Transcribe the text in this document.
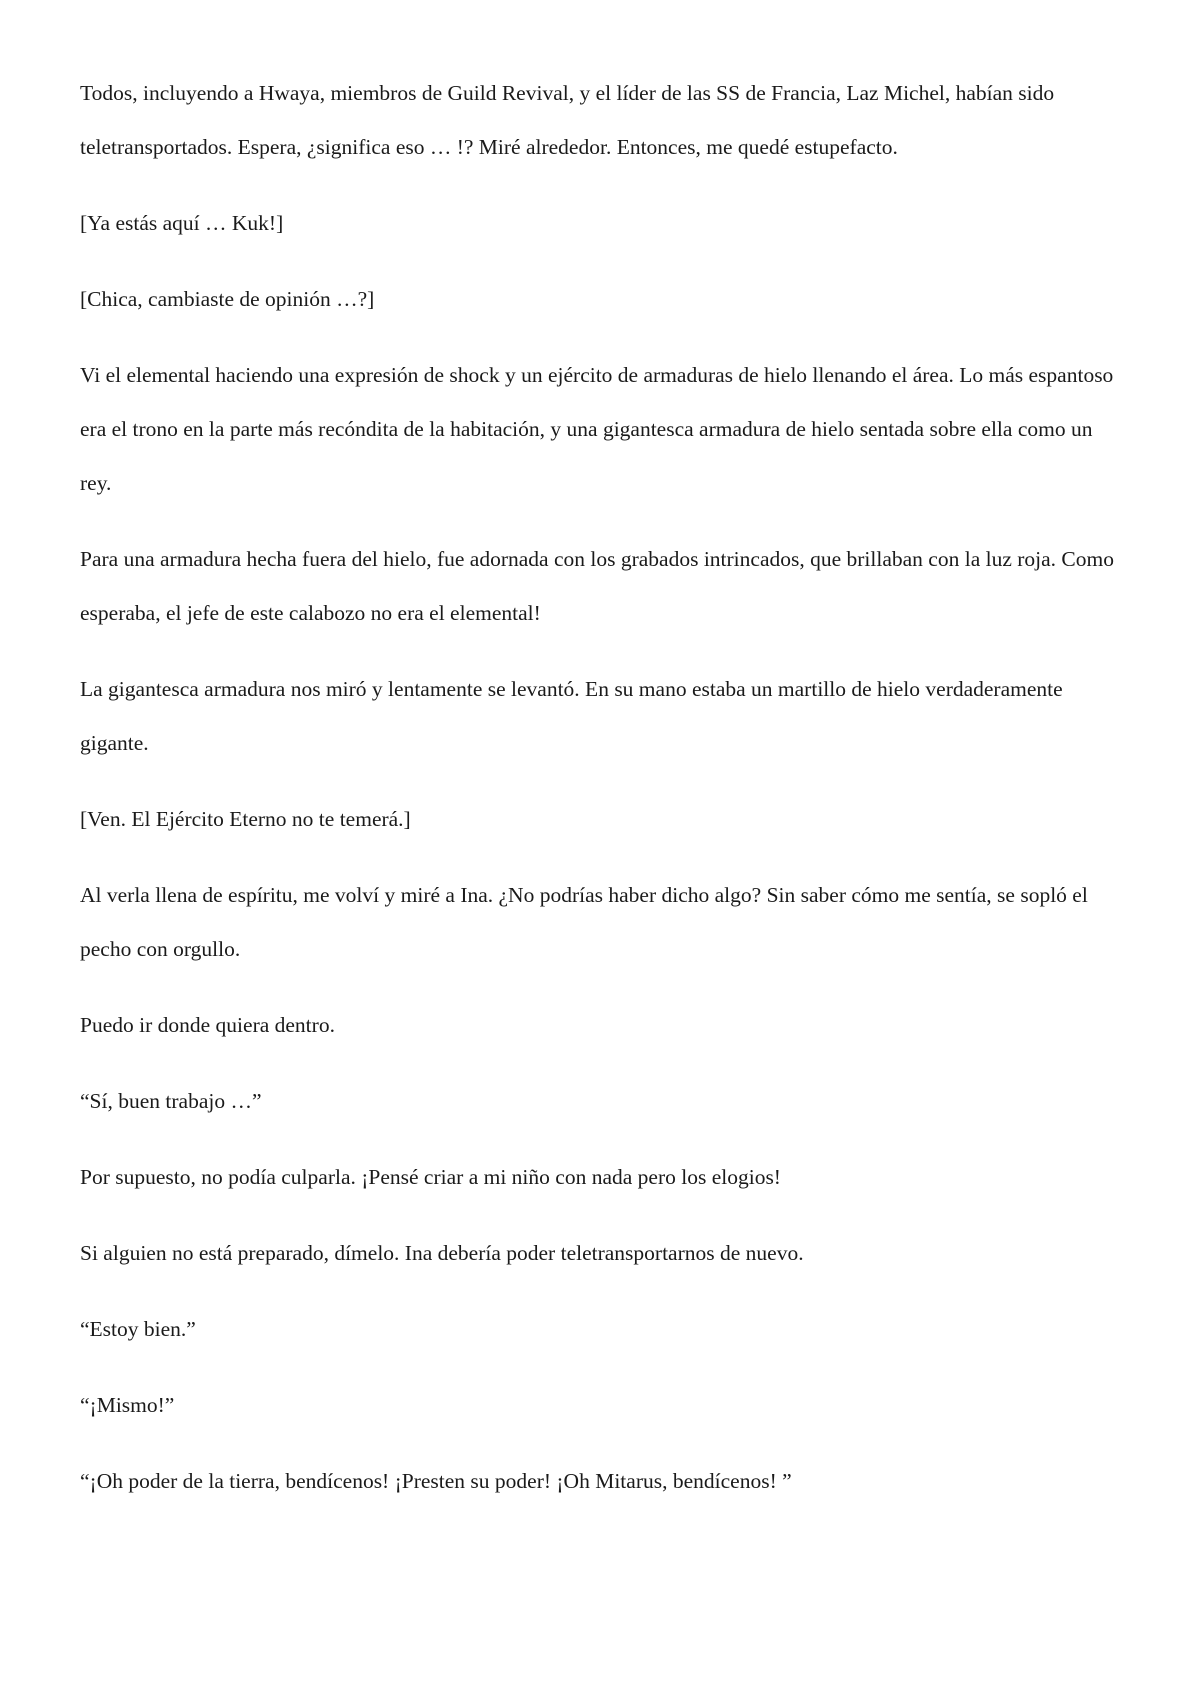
Todos, incluyendo a Hwaya, miembros de Guild Revival, y el líder de las SS de Francia, Laz Michel, habían sido teletransportados. Espera, ¿significa eso … !? Miré alrededor. Entonces, me quedé estupefacto.

[Ya estás aquí … Kuk!]

[Chica, cambiaste de opinión …?]

Vi el elemental haciendo una expresión de shock y un ejército de armaduras de hielo llenando el área. Lo más espantoso era el trono en la parte más recóndita de la habitación, y una gigantesca armadura de hielo sentada sobre ella como un rey.

Para una armadura hecha fuera del hielo, fue adornada con los grabados intrincados, que brillaban con la luz roja. Como esperaba, el jefe de este calabozo no era el elemental!

La gigantesca armadura nos miró y lentamente se levantó. En su mano estaba un martillo de hielo verdaderamente gigante.

[Ven. El Ejército Eterno no te temerá.]

Al verla llena de espíritu, me volví y miré a Ina. ¿No podrías haber dicho algo? Sin saber cómo me sentía, se sopló el pecho con orgullo.

Puedo ir donde quiera dentro.

“Sí, buen trabajo …”

Por supuesto, no podía culparla. ¡Pensé criar a mi niño con nada pero los elogios!

Si alguien no está preparado, dímelo. Ina debería poder teletransportarnos de nuevo.

“Estoy bien.”

“¡Mismo!”

“¡Oh poder de la tierra, bendícenos! ¡Presten su poder! ¡Oh Mitarus, bendícenos! ”
